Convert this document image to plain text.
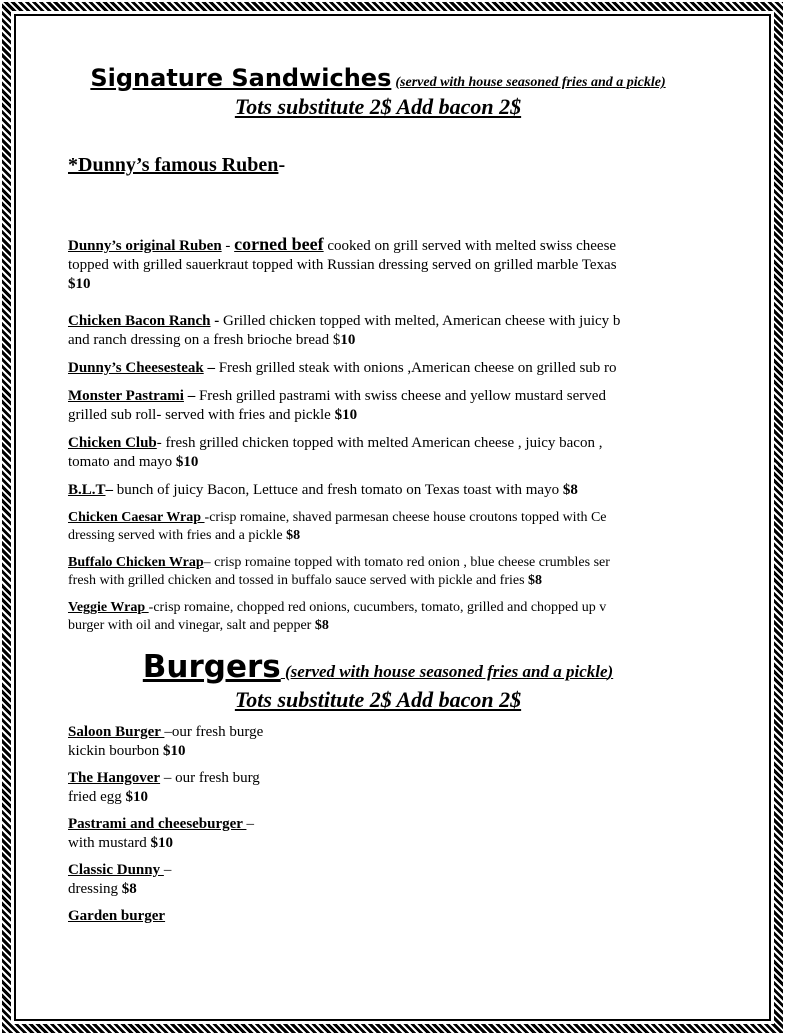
Signature Sandwiches (served with house seasoned fries and a pickle)
Tots substitute 2$ Add bacon 2$
*Dunny’s famous Ruben-
Dunny’s original Ruben - corned beef cooked on grill served with melted swiss cheese
topped with grilled sauerkraut topped with Russian dressing served on grilled marble Texas
$10
Chicken Bacon Ranch - Grilled chicken topped with melted, American cheese with juicy b
and ranch dressing on a fresh brioche bread $10
Dunny’s Cheesesteak – Fresh grilled steak with onions ,American cheese on grilled sub ro
Monster Pastrami – Fresh grilled pastrami with swiss cheese and yellow mustard served
grilled sub roll- served with fries and pickle $10
Chicken Club- fresh grilled chicken topped with melted American cheese , juicy bacon ,
tomato and mayo $10
B.L.T– bunch of juicy Bacon, Lettuce and fresh tomato on Texas toast with mayo $8
Chicken Caesar Wrap -crisp romaine, shaved parmesan cheese house croutons topped with Ce
dressing served with fries and a pickle $8
Buffalo Chicken Wrap– crisp romaine topped with tomato red onion , blue cheese crumbles ser
fresh with grilled chicken and tossed in buffalo sauce served with pickle and fries $8
Veggie Wrap -crisp romaine, chopped red onions, cucumbers, tomato, grilled and chopped up v
burger with oil and vinegar, salt and pepper $8
Burgers (served with house seasoned fries and a pickle)
Tots substitute 2$ Add bacon 2$
Saloon Burger –our fresh burge
kickin bourbon $10
The Hangover – our fresh burg
fried egg $10
Pastrami and cheeseburger –
with mustard $10
Classic Dunny –
dressing $8
Garden burger
